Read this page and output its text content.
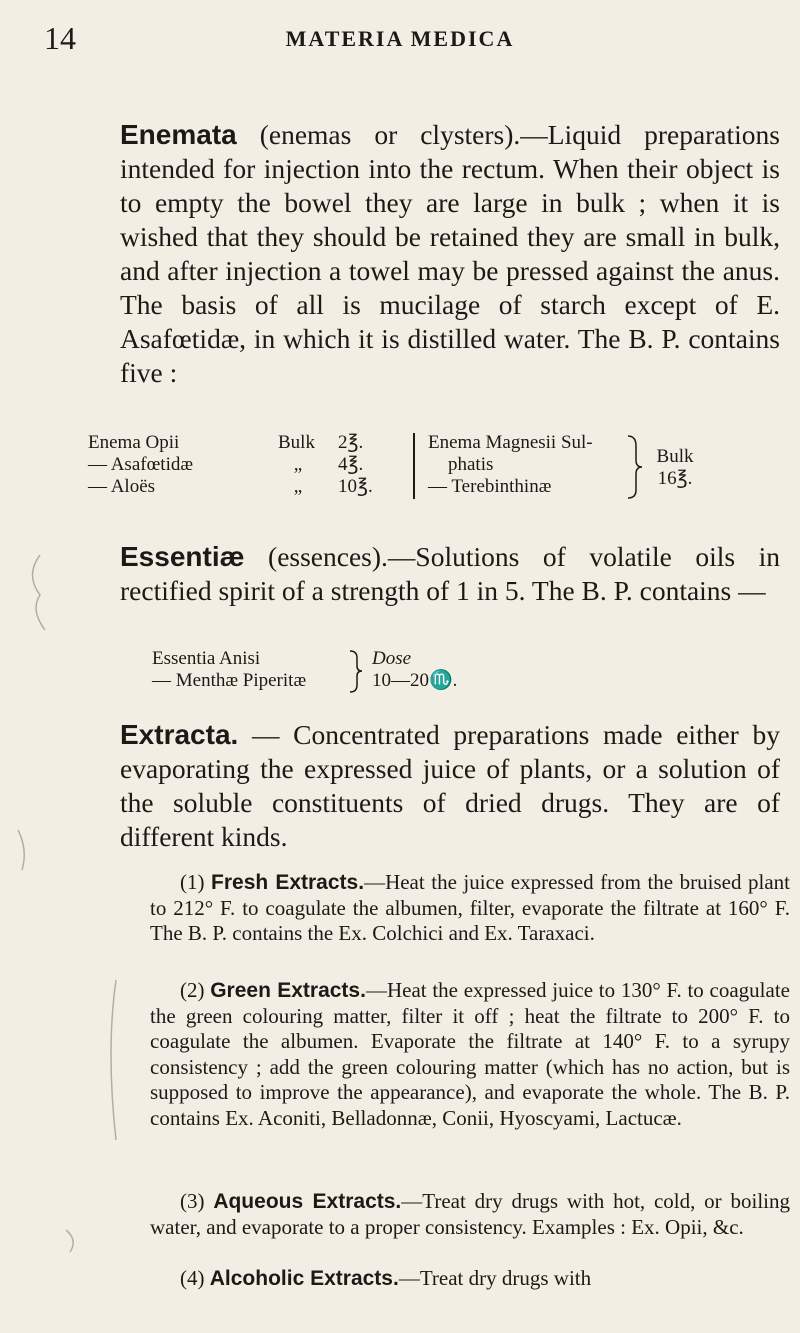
14	MATERIA MEDICA
Enemata (enemas or clysters).—Liquid preparations intended for injection into the rectum. When their object is to empty the bowel they are large in bulk ; when it is wished that they should be retained they are small in bulk, and after injection a towel may be pressed against the anus. The basis of all is mucilage of starch except of E. Asafœtidæ, in which it is distilled water. The B. P. contains five :
Enema Opii	Bulk 2℥.
— Asafœtidæ	„ 4℥.
— Aloës	„ 10℥.
Enema Magnesii Sul-
phatis
— Terebinthinæ
Bulk
16℥.
Essentiæ (essences).—Solutions of volatile oils in rectified spirit of a strength of 1 in 5. The B. P. contains —
Essentia Anisi
— Menthæ Piperitæ
Dose
10—20♏.
Extracta. — Concentrated preparations made either by evaporating the expressed juice of plants, or a solution of the soluble constituents of dried drugs. They are of different kinds.
(1) Fresh Extracts.—Heat the juice expressed from the bruised plant to 212° F. to coagulate the albumen, filter, evaporate the filtrate at 160° F. The B. P. contains the Ex. Colchici and Ex. Taraxaci.
(2) Green Extracts.—Heat the expressed juice to 130° F. to coagulate the green colouring matter, filter it off ; heat the filtrate to 200° F. to coagulate the albumen. Evaporate the filtrate at 140° F. to a syrupy consistency ; add the green colouring matter (which has no action, but is supposed to improve the appearance), and evaporate the whole. The B. P. contains Ex. Aconiti, Belladonnæ, Conii, Hyoscyami, Lactucæ.
(3) Aqueous Extracts.—Treat dry drugs with hot, cold, or boiling water, and evaporate to a proper consistency. Examples : Ex. Opii, &c.
(4) Alcoholic Extracts.—Treat dry drugs with
